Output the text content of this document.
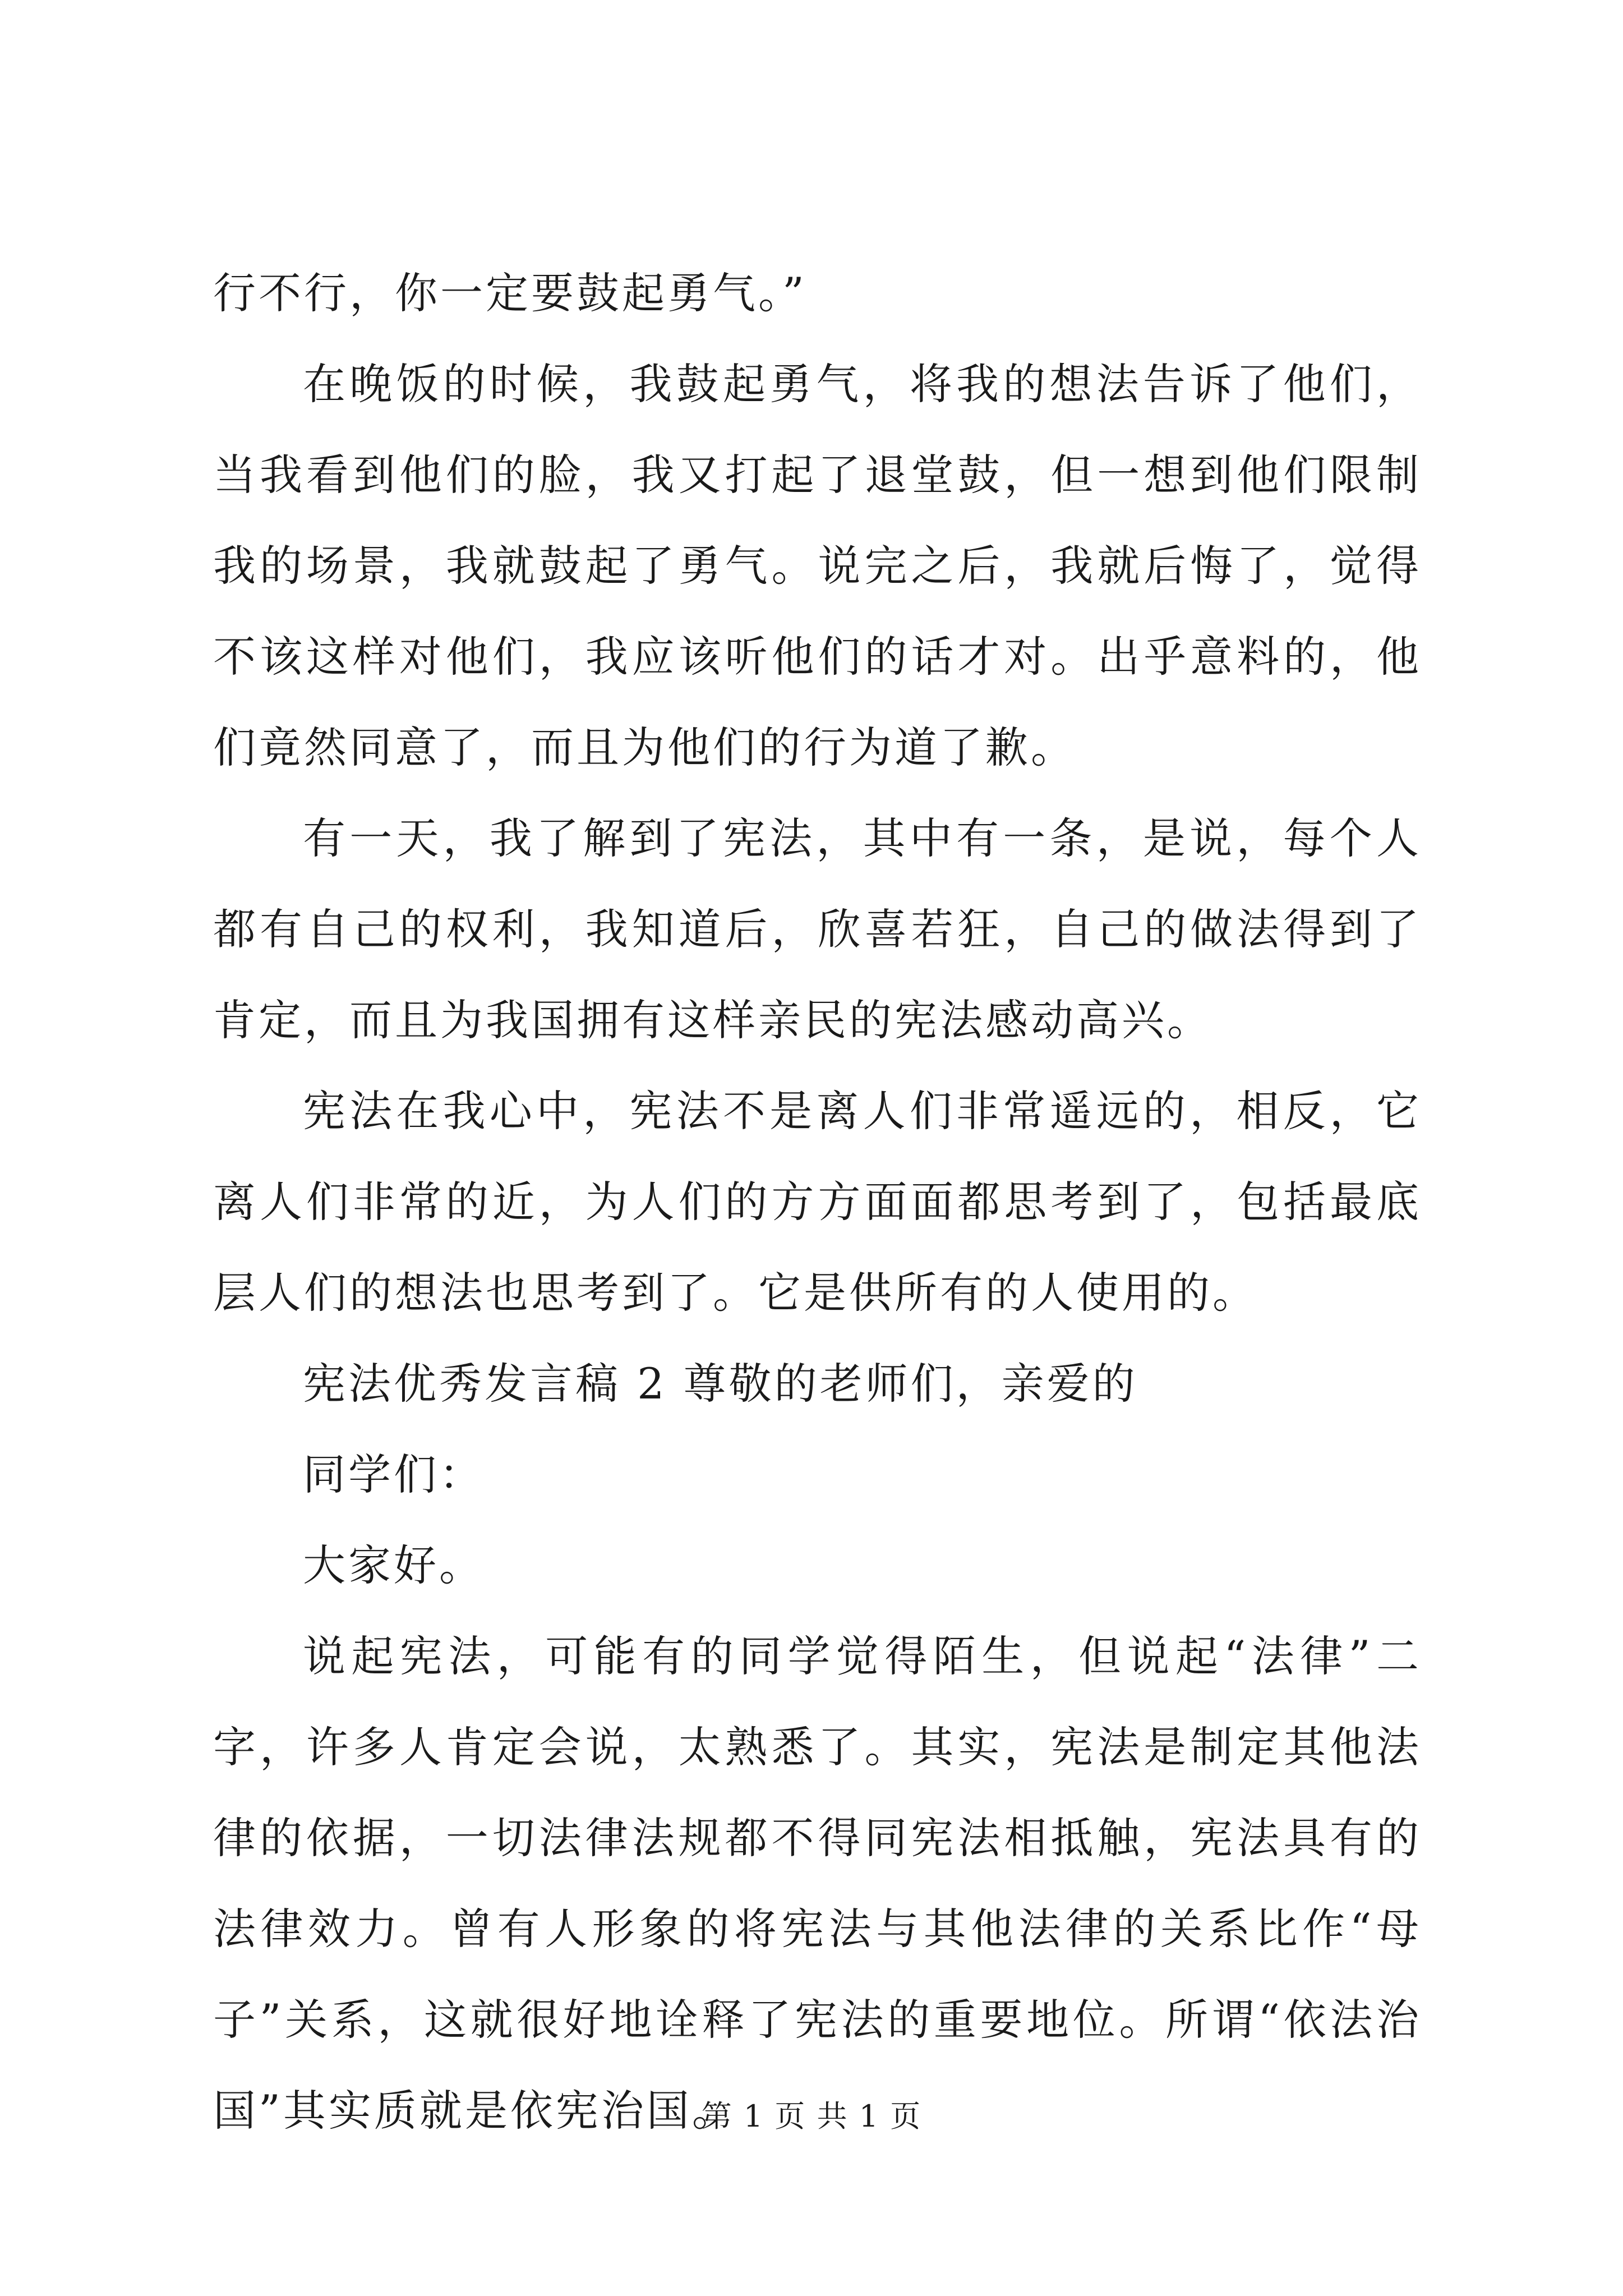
行不行，你一定要鼓起勇气。”

在晚饭的时候，我鼓起勇气，将我的想法告诉了他们，当我看到他们的脸，我又打起了退堂鼓，但一想到他们限制我的场景，我就鼓起了勇气。说完之后，我就后悔了，觉得不该这样对他们，我应该听他们的话才对。出乎意料的，他们竟然同意了，而且为他们的行为道了歉。

有一天，我了解到了宪法，其中有一条，是说，每个人都有自己的权利，我知道后，欣喜若狂，自己的做法得到了肯定，而且为我国拥有这样亲民的宪法感动高兴。

宪法在我心中，宪法不是离人们非常遥远的，相反，它离人们非常的近，为人们的方方面面都思考到了，包括最底层人们的想法也思考到了。它是供所有的人使用的。

宪法优秀发言稿 2 尊敬的老师们，亲爱的

同学们：

大家好。

说起宪法，可能有的同学觉得陌生，但说起“法律”二字，许多人肯定会说，太熟悉了。其实，宪法是制定其他法律的依据，一切法律法规都不得同宪法相抵触，宪法具有的法律效力。曾有人形象的将宪法与其他法律的关系比作“母子”关系，这就很好地诠释了宪法的重要地位。所谓“依法治国”其实质就是依宪治国。

第 1 页 共 1 页
